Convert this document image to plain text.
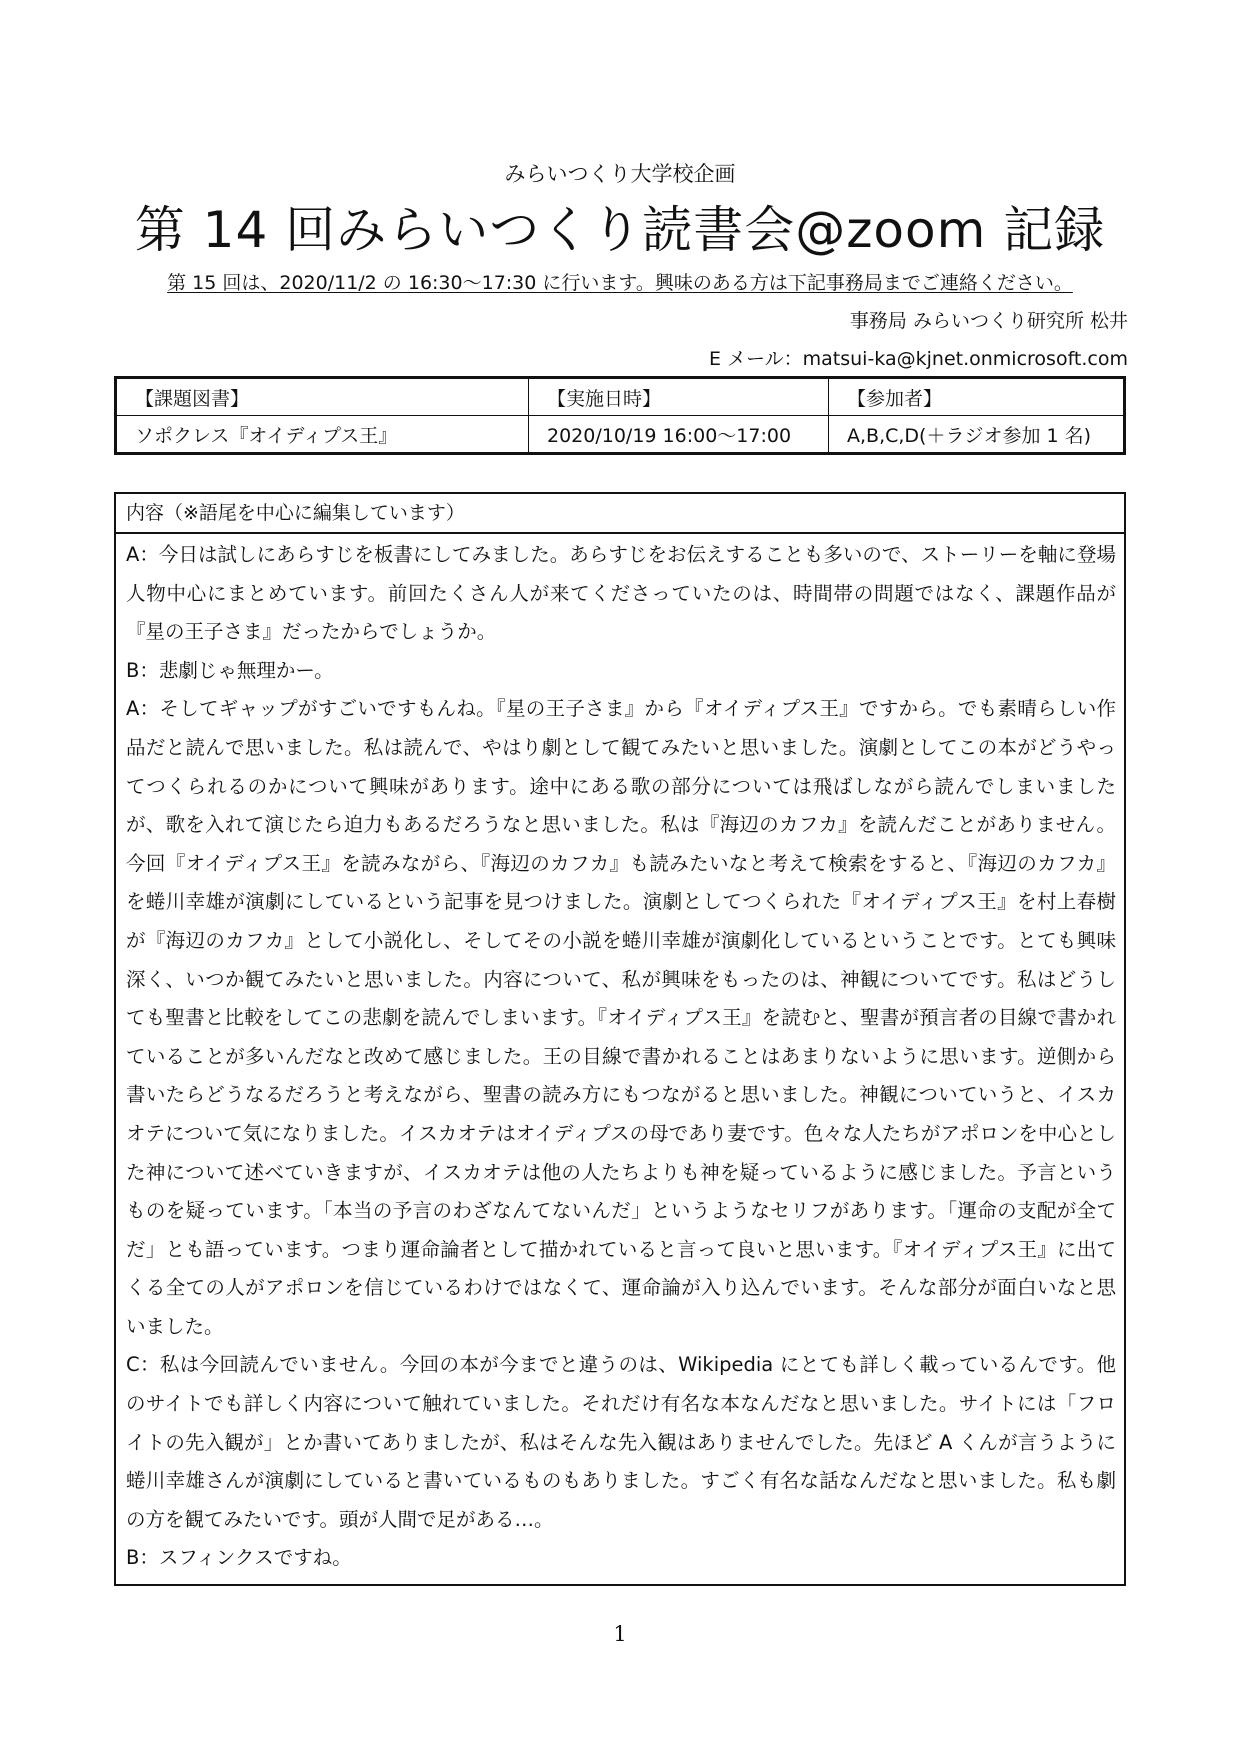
みらいつくり大学校企画
第 14 回みらいつくり読書会@zoom 記録
第 15 回は、2020/11/2 の 16:30〜17:30 に行います。興味のある方は下記事務局までご連絡ください。
事務局 みらいつくり研究所 松井
E メール：matsui-ka@kjnet.onmicrosoft.com
【課題図書】	【実施日時】	【参加者】
ソポクレス『オイディプス王』	2020/10/19 16:00〜17:00	A,B,C,D(＋ラジオ参加 1 名)
内容（※語尾を中心に編集しています）

A：今日は試しにあらすじを板書にしてみました。あらすじをお伝えすることも多いので、ストーリーを軸に登場人物中心にまとめています。前回たくさん人が来てくださっていたのは、時間帯の問題ではなく、課題作品が『星の王子さま』だったからでしょうか。

B：悲劇じゃ無理かー。

A：そしてギャップがすごいですもんね。『星の王子さま』から『オイディプス王』ですから。でも素晴らしい作品だと読んで思いました。私は読んで、やはり劇として観てみたいと思いました。演劇としてこの本がどうやってつくられるのかについて興味があります。途中にある歌の部分については飛ばしながら読んでしまいましたが、歌を入れて演じたら迫力もあるだろうなと思いました。私は『海辺のカフカ』を読んだことがありません。今回『オイディプス王』を読みながら、『海辺のカフカ』も読みたいなと考えて検索をすると、『海辺のカフカ』を蜷川幸雄が演劇にしているという記事を見つけました。演劇としてつくられた『オイディプス王』を村上春樹が『海辺のカフカ』として小説化し、そしてその小説を蜷川幸雄が演劇化しているということです。とても興味深く、いつか観てみたいと思いました。内容について、私が興味をもったのは、神観についてです。私はどうしても聖書と比較をしてこの悲劇を読んでしまいます。『オイディプス王』を読むと、聖書が預言者の目線で書かれていることが多いんだなと改めて感じました。王の目線で書かれることはあまりないように思います。逆側から書いたらどうなるだろうと考えながら、聖書の読み方にもつながると思いました。神観についていうと、イスカオテについて気になりました。イスカオテはオイディプスの母であり妻です。色々な人たちがアポロンを中心とした神について述べていきますが、イスカオテは他の人たちよりも神を疑っているように感じました。予言というものを疑っています。「本当の予言のわざなんてないんだ」というようなセリフがあります。「運命の支配が全てだ」とも語っています。つまり運命論者として描かれていると言って良いと思います。『オイディプス王』に出てくる全ての人がアポロンを信じているわけではなくて、運命論が入り込んでいます。そんな部分が面白いなと思いました。

C：私は今回読んでいません。今回の本が今までと違うのは、Wikipedia にとても詳しく載っているんです。他のサイトでも詳しく内容について触れていました。それだけ有名な本なんだなと思いました。サイトには「フロイトの先入観が」とか書いてありましたが、私はそんな先入観はありませんでした。先ほど A くんが言うように蜷川幸雄さんが演劇にしていると書いているものもありました。すごく有名な話なんだなと思いました。私も劇の方を観てみたいです。頭が人間で足がある…。

B：スフィンクスですね。

1
